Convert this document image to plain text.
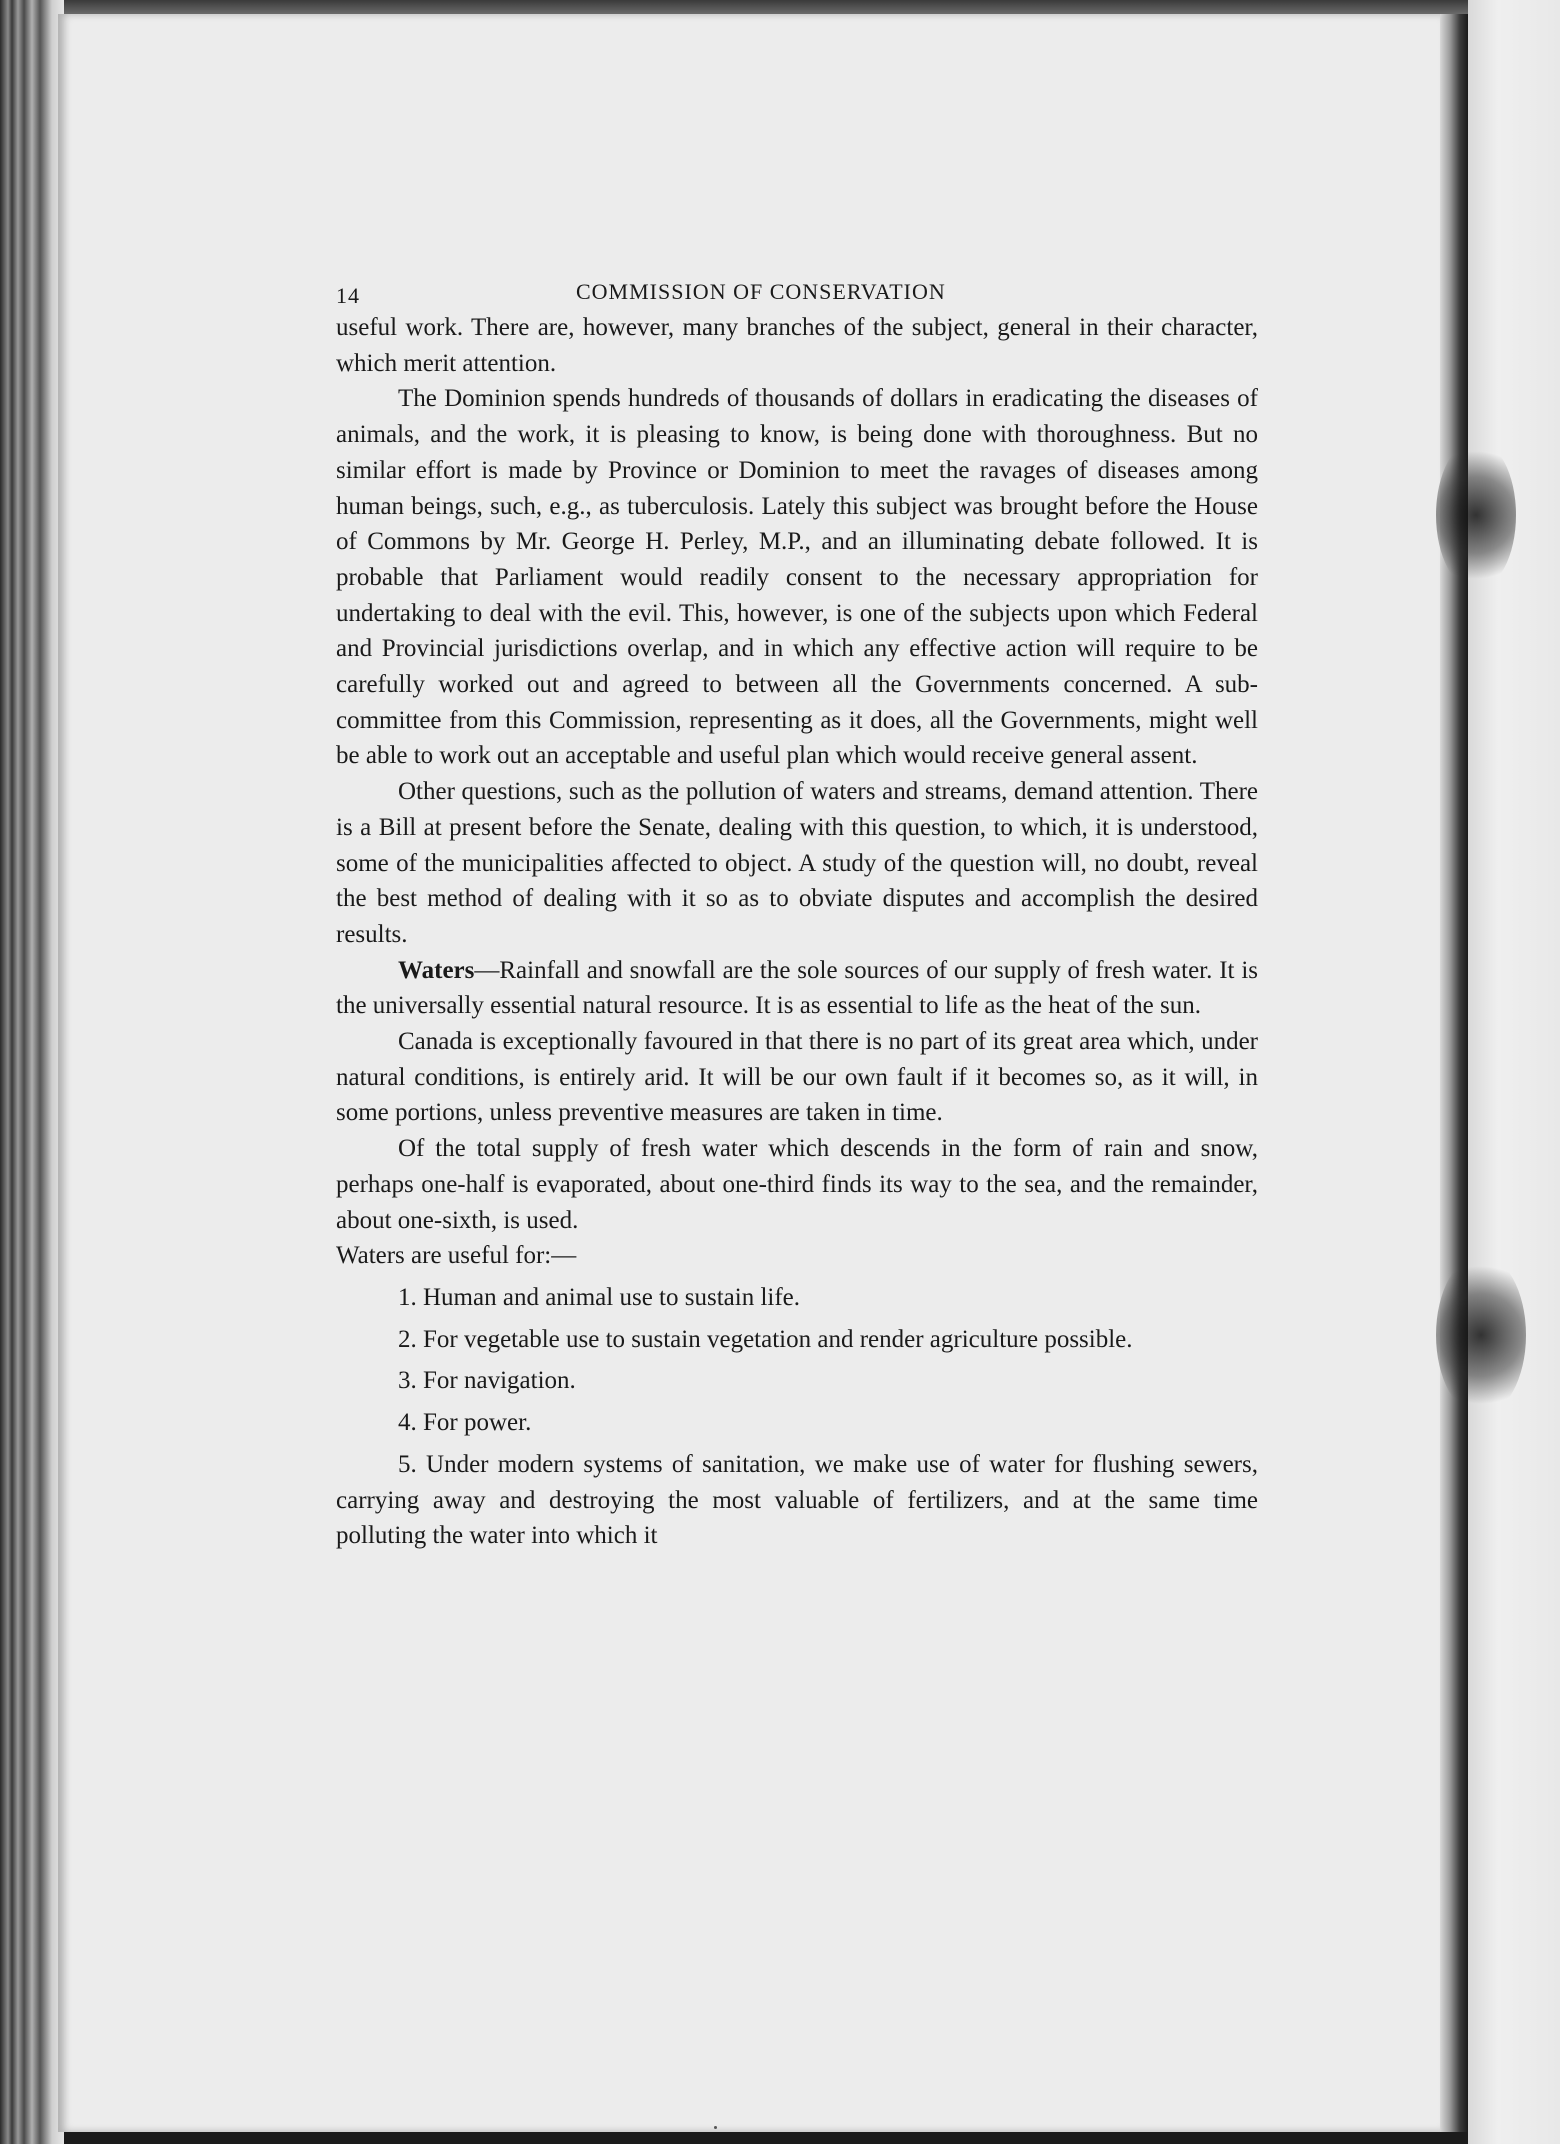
14	COMMISSION OF CONSERVATION

useful work. There are, however, many branches of the subject, general in their character, which merit attention.

The Dominion spends hundreds of thousands of dollars in eradicating the diseases of animals, and the work, it is pleasing to know, is being done with thoroughness. But no similar effort is made by Province or Dominion to meet the ravages of diseases among human beings, such, e.g., as tuberculosis. Lately this subject was brought before the House of Commons by Mr. George H. Perley, M.P., and an illuminating debate followed. It is probable that Parliament would readily consent to the necessary appropriation for undertaking to deal with the evil. This, however, is one of the subjects upon which Federal and Provincial jurisdictions overlap, and in which any effective action will require to be carefully worked out and agreed to between all the Governments concerned. A sub-committee from this Commission, representing as it does, all the Governments, might well be able to work out an acceptable and useful plan which would receive general assent.

Other questions, such as the pollution of waters and streams, demand attention. There is a Bill at present before the Senate, dealing with this question, to which, it is understood, some of the municipalities affected to object. A study of the question will, no doubt, reveal the best method of dealing with it so as to obviate disputes and accomplish the desired results.

Waters—Rainfall and snowfall are the sole sources of our supply of fresh water. It is the universally essential natural resource. It is as essential to life as the heat of the sun.

Canada is exceptionally favoured in that there is no part of its great area which, under natural conditions, is entirely arid. It will be our own fault if it becomes so, as it will, in some portions, unless preventive measures are taken in time.

Of the total supply of fresh water which descends in the form of rain and snow, perhaps one-half is evaporated, about one-third finds its way to the sea, and the remainder, about one-sixth, is used.

Waters are useful for:—

1. Human and animal use to sustain life.

2. For vegetable use to sustain vegetation and render agriculture possible.

3. For navigation.

4. For power.

5. Under modern systems of sanitation, we make use of water for flushing sewers, carrying away and destroying the most valuable of fertilizers, and at the same time polluting the water into which it
